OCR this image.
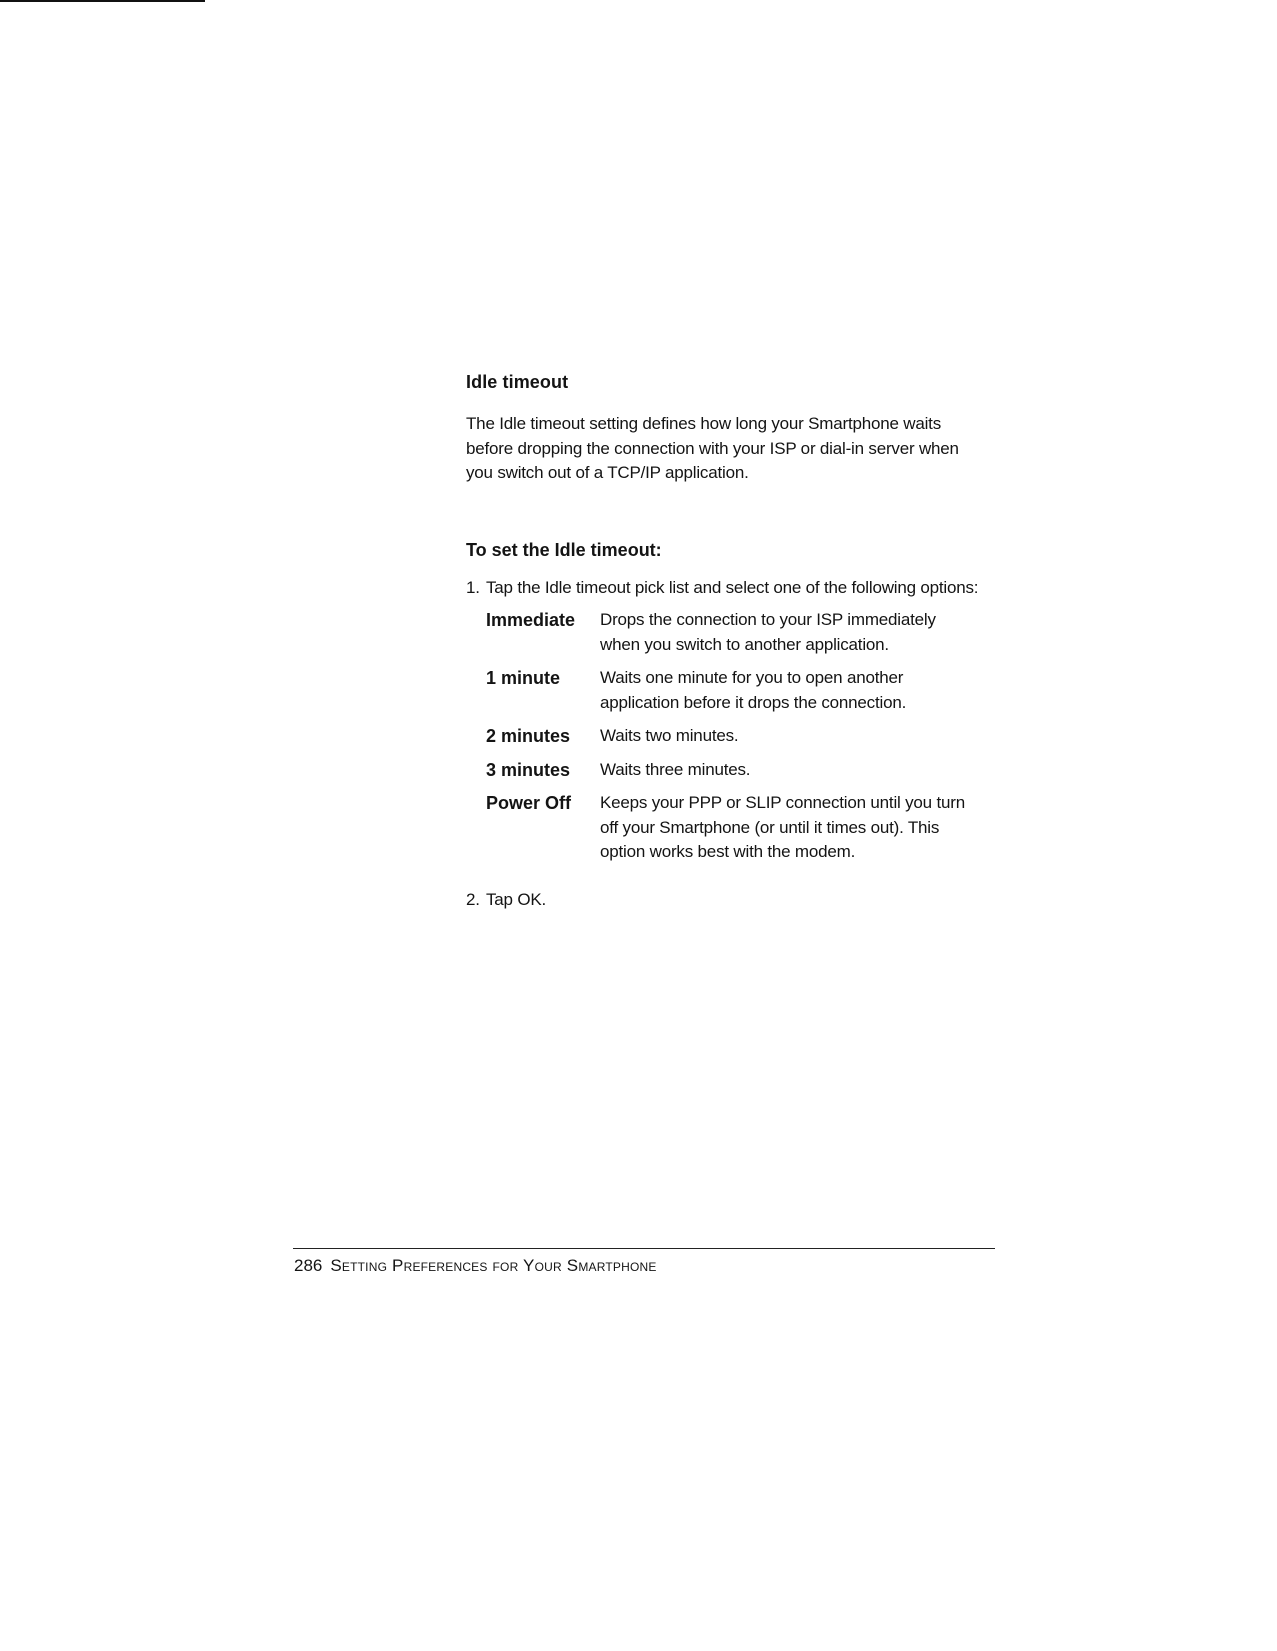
Idle timeout

The Idle timeout setting defines how long your Smartphone waits before dropping the connection with your ISP or dial-in server when you switch out of a TCP/IP application.

To set the Idle timeout:
1. Tap the Idle timeout pick list and select one of the following options:
Immediate	Drops the connection to your ISP immediately when you switch to another application.
1 minute	Waits one minute for you to open another application before it drops the connection.
2 minutes	Waits two minutes.
3 minutes	Waits three minutes.
Power Off	Keeps your PPP or SLIP connection until you turn off your Smartphone (or until it times out). This option works best with the modem.
2. Tap OK.
286 Setting Preferences for Your Smartphone
